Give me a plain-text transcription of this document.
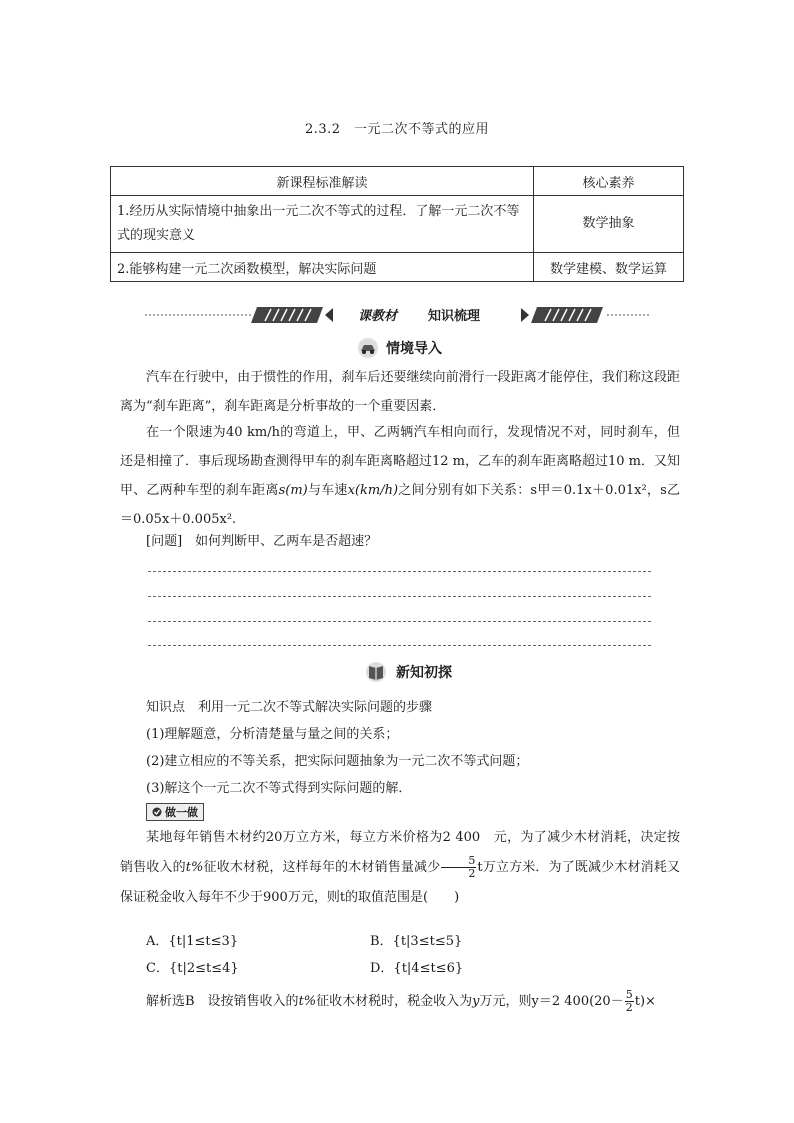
2.3.2　一元二次不等式的应用
新课程标准解读	核心素养
1.经历从实际情境中抽象出一元二次不等式的过程．了解一元二次不等式的现实意义	数学抽象
2.能够构建一元二次函数模型，解决实际问题	数学建模、数学运算
课教材 知识梳理
情境导入
汽车在行驶中，由于惯性的作用，刹车后还要继续向前滑行一段距离才能停住，我们称这段距离为“刹车距离”，刹车距离是分析事故的一个重要因素．
在一个限速为40 km/h的弯道上，甲、乙两辆汽车相向而行，发现情况不对，同时刹车，但还是相撞了．事后现场勘查测得甲车的刹车距离略超过12 m，乙车的刹车距离略超过10 m．又知甲、乙两种车型的刹车距离s(m)与车速x(km/h)之间分别有如下关系：s甲＝0.1x＋0.01x²，s乙＝0.05x＋0.005x².
[问题]　如何判断甲、乙两车是否超速？
新知初探
知识点　利用一元二次不等式解决实际问题的步骤
(1)理解题意，分析清楚量与量之间的关系；
(2)建立相应的不等关系，把实际问题抽象为一元二次不等式问题；
(3)解这个一元二次不等式得到实际问题的解．
做一做
某地每年销售木材约20万立方米，每立方米价格为2 400　元，为了减少木材消耗，决定按销售收入的t%征收木材税，这样每年的木材销售量减少 $\frac{5}{2}$ t万立方米．为了既减少木材消耗又保证税金收入每年不少于900万元，则t的取值范围是(　　)
A．{t|1≤t≤3}	B．{t|3≤t≤5}
C．{t|2≤t≤4}	D．{t|4≤t≤6}
解析选B　设按销售收入的t%征收木材税时，税金收入为y万元，则y＝2 $400(20- \frac{5}{2} t)\times$
